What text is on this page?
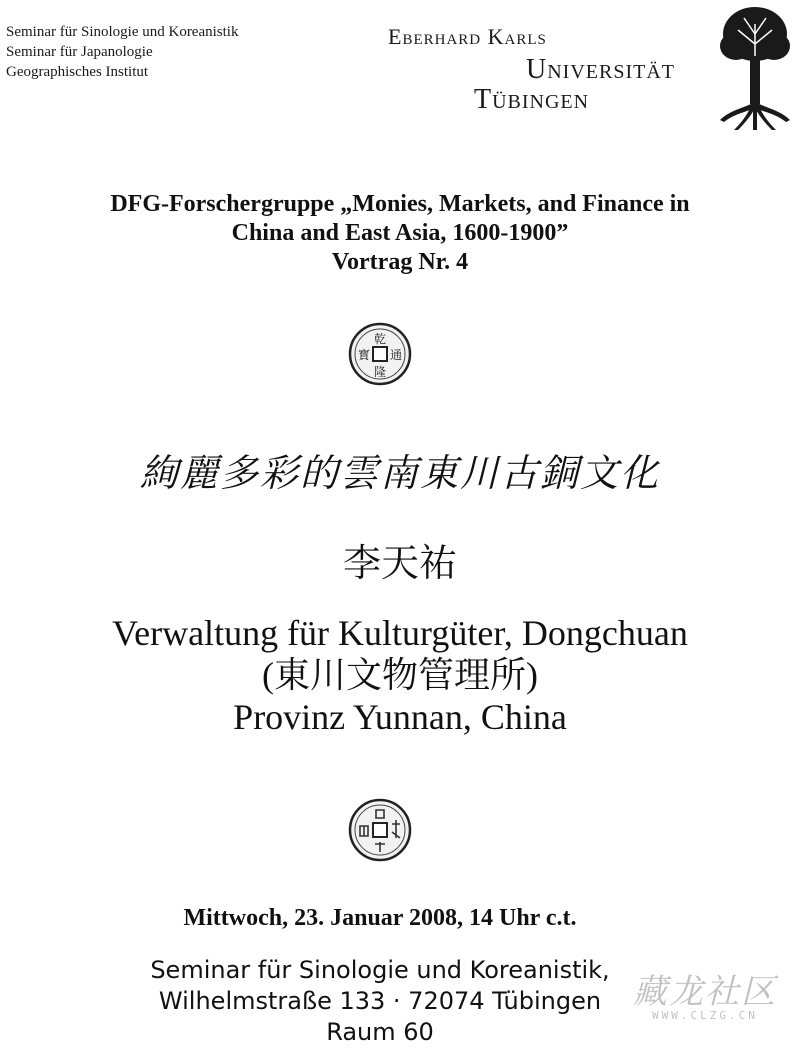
Seminar für Sinologie und Koreanistik
Seminar für Japanologie
Geographisches Institut
Eberhard Karls
Universität
Tübingen
DFG-Forschergruppe „Monies, Markets, and Finance in
China and East Asia, 1600-1900”
Vortrag Nr. 4
乾
隆
通
寳
絢麗多彩的雲南東川古銅文化
李天祐
Verwaltung für Kulturgüter, Dongchuan
(東川文物管理所)
Provinz Yunnan, China
Mittwoch, 23. Januar 2008, 14 Uhr c.t.
Seminar für Sinologie und Koreanistik,
Wilhelmstraße 133 · 72074 Tübingen
Raum 60
藏龙社区
WWW.CLZG.CN
